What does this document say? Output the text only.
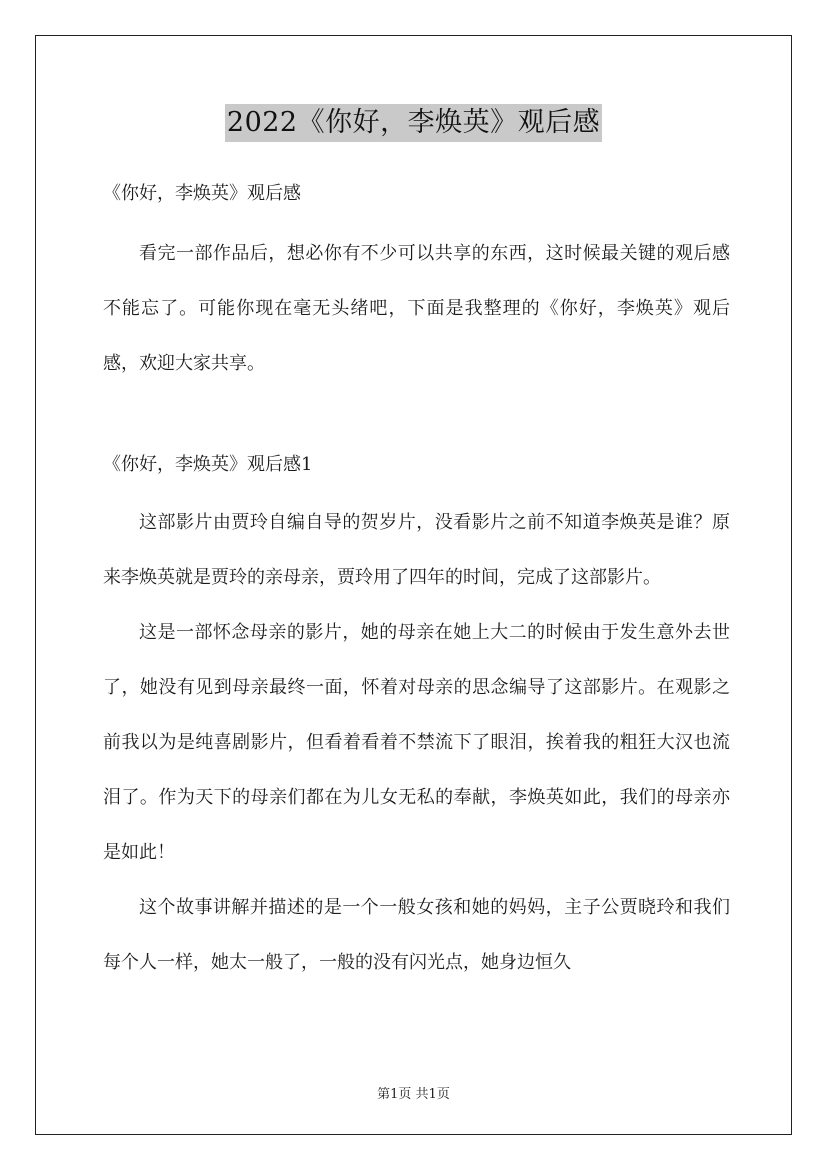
2022《你好，李焕英》观后感

《你好，李焕英》观后感

看完一部作品后，想必你有不少可以共享的东西，这时候最关键的观后感不能忘了。可能你现在毫无头绪吧，下面是我整理的《你好，李焕英》观后感，欢迎大家共享。

《你好，李焕英》观后感1

这部影片由贾玲自编自导的贺岁片，没看影片之前不知道李焕英是谁？原来李焕英就是贾玲的亲母亲，贾玲用了四年的时间，完成了这部影片。

这是一部怀念母亲的影片，她的母亲在她上大二的时候由于发生意外去世了，她没有见到母亲最终一面，怀着对母亲的思念编导了这部影片。在观影之前我以为是纯喜剧影片，但看着看着不禁流下了眼泪，挨着我的粗狂大汉也流泪了。作为天下的母亲们都在为儿女无私的奉献，李焕英如此，我们的母亲亦是如此！

这个故事讲解并描述的是一个一般女孩和她的妈妈，主子公贾晓玲和我们每个人一样，她太一般了，一般的没有闪光点，她身边恒久

第1页 共1页
